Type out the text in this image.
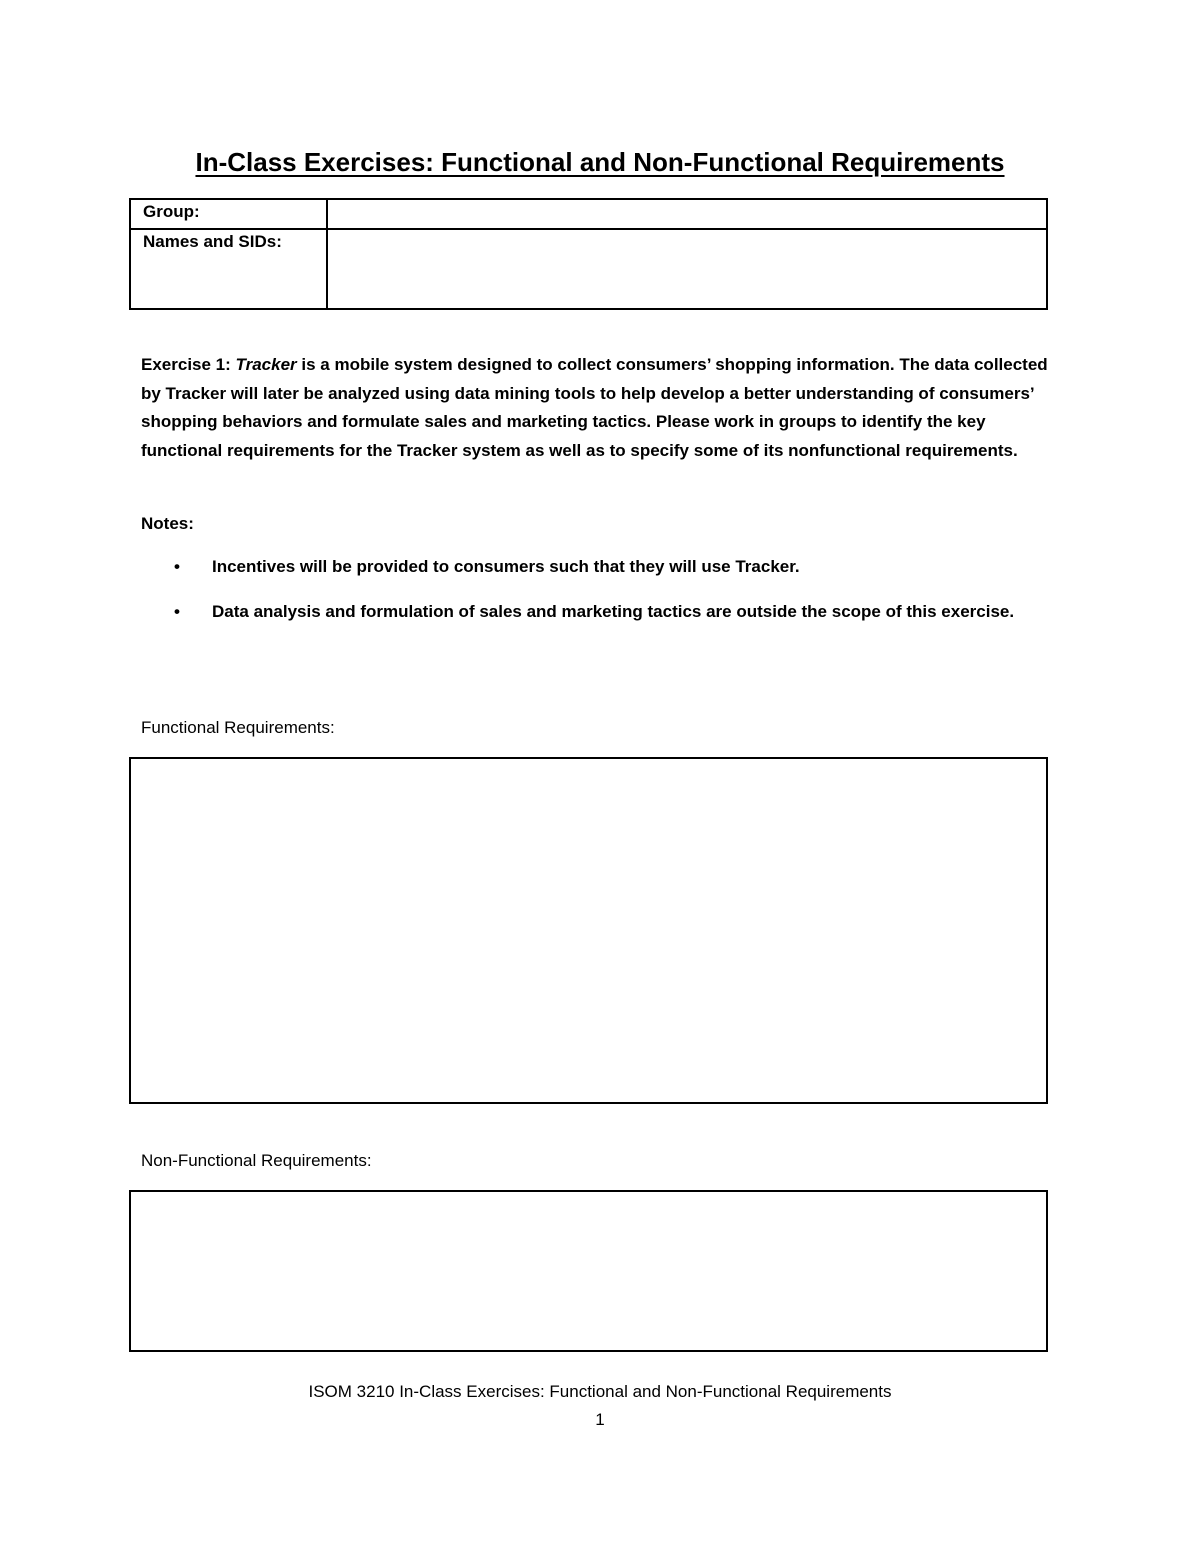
In-Class Exercises: Functional and Non-Functional Requirements
Group:	
Names and SIDs:	
Exercise 1: Tracker is a mobile system designed to collect consumers’ shopping information. The data collected by Tracker will later be analyzed using data mining tools to help develop a better understanding of consumers’ shopping behaviors and formulate sales and marketing tactics. Please work in groups to identify the key functional requirements for the Tracker system as well as to specify some of its nonfunctional requirements.
Notes:
• Incentives will be provided to consumers such that they will use Tracker.
• Data analysis and formulation of sales and marketing tactics are outside the scope of this exercise.
Functional Requirements:
Non-Functional Requirements:
ISOM 3210 In-Class Exercises: Functional and Non-Functional Requirements
1
